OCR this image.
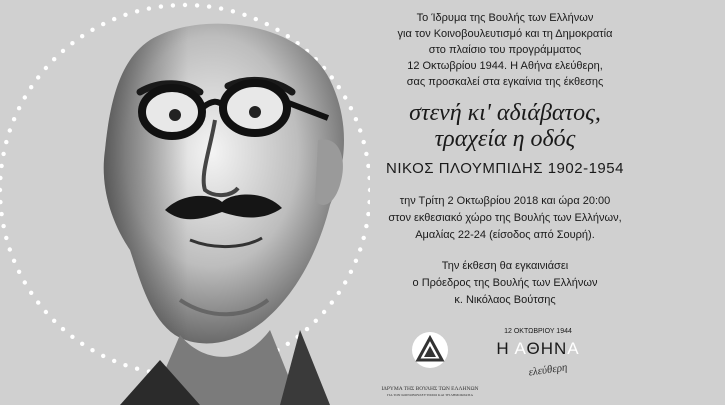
Το Ίδρυμα της Βουλής των Ελλήνων
για τον Κοινοβουλευτισμό και τη Δημοκρατία
στο πλαίσιο του προγράμματος
12 Οκτωβρίου 1944. Η Αθήνα ελεύθερη,
σας προσκαλεί στα εγκαίνια της έκθεσης
στενή κι' αδιάβατος,
τραχεία η οδός
ΝΙΚΟΣ ΠΛΟΥΜΠΙΔΗΣ 1902-1954
την Τρίτη 2 Οκτωβρίου 2018 και ώρα 20:00
στον εκθεσιακό χώρο της Βουλής των Ελλήνων,
Αμαλίας 22-24 (είσοδος από Σουρή).
Την έκθεση θα εγκαινιάσει
ο Πρόεδρος της Βουλής των Ελλήνων
κ. Νικόλαος Βούτσης
ΙΔΡΥΜΑ ΤΗΣ ΒΟΥΛΗΣ ΤΩΝ ΕΛΛΗΝΩΝ
ΓΙΑ ΤΟΝ ΚΟΙΝΟΒΟΥΛΕΥΤΙΣΜΟ ΚΑΙ ΤΗ ΔΗΜΟΚΡΑΤΙΑ
12 ΟΚΤΩΒΡΙΟΥ 1944
Η ΑΘΗΝΑ
ελεύθερη
